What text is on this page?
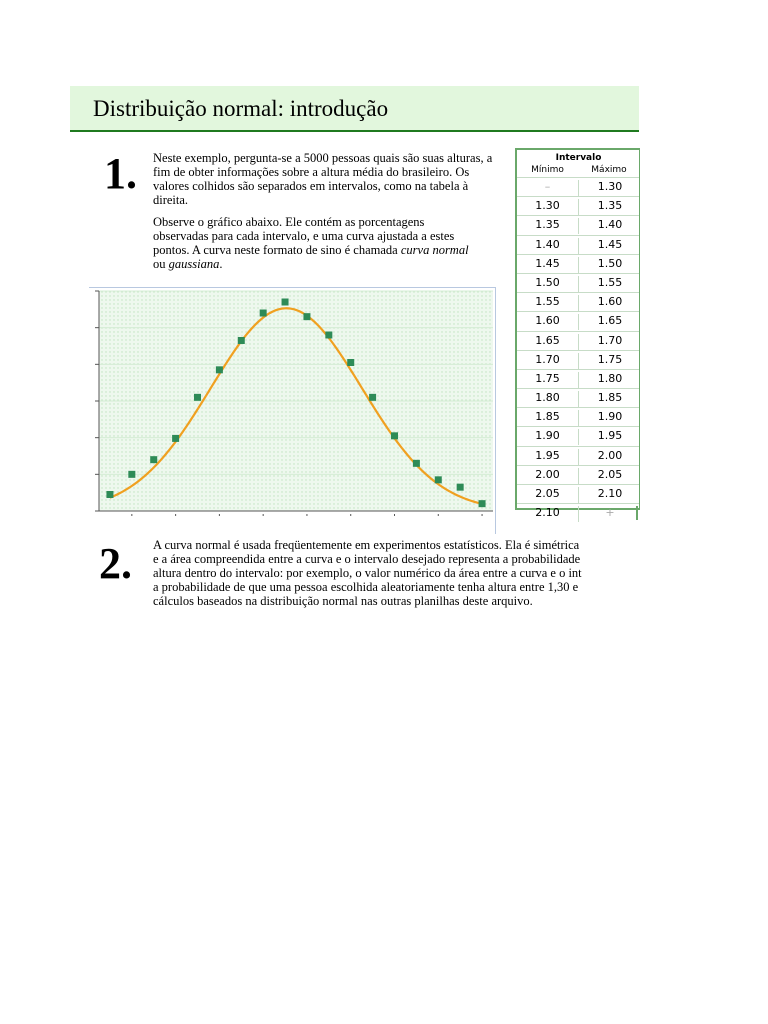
Distribuição normal: introdução
1. Neste exemplo, pergunta-se a 5000 pessoas quais são suas alturas, a fim de obter informações sobre a altura média do brasileiro. Os valores colhidos são separados em intervalos, como na tabela à direita.

Observe o gráfico abaixo. Ele contém as porcentagens observadas para cada intervalo, e uma curva ajustada a estes pontos. A curva neste formato de sino é chamada curva normal ou gaussiana.

Intervalo
Mínimo	Máximo
–	1.30
1.30	1.35
1.35	1.40
1.40	1.45
1.45	1.50
1.50	1.55
1.55	1.60
1.60	1.65
1.65	1.70
1.70	1.75
1.75	1.80
1.80	1.85
1.85	1.90
1.90	1.95
1.95	2.00
2.00	2.05
2.05	2.10
2.10	+
2. A curva normal é usada freqüentemente em experimentos estatísticos. Ela é simétrica
e a área compreendida entre a curva e o intervalo desejado representa a probabilidade
altura dentro do intervalo: por exemplo, o valor numérico da área entre a curva e o int
a probabilidade de que uma pessoa escolhida aleatoriamente tenha altura entre 1,30 e
cálculos baseados na distribuição normal nas outras planilhas deste arquivo.
